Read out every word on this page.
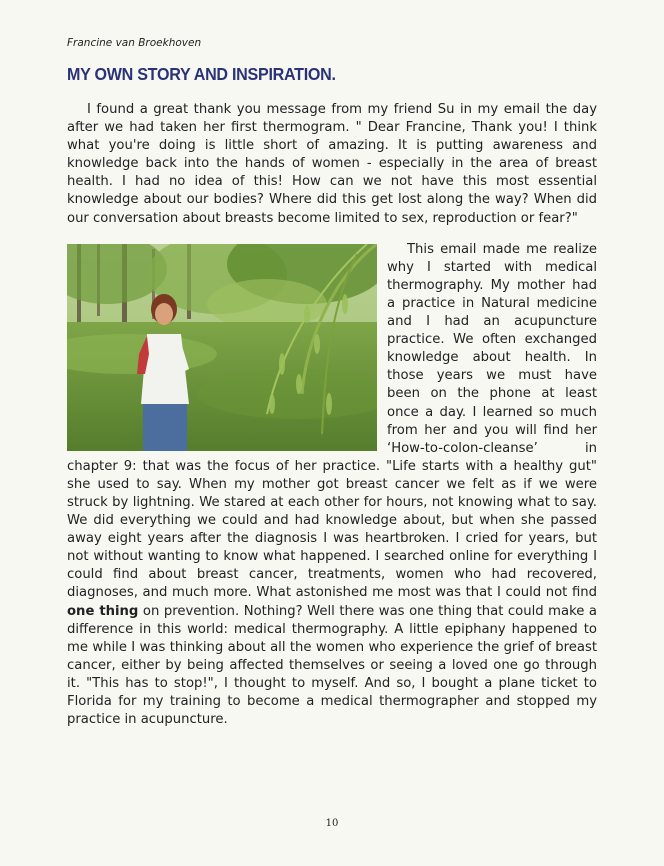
Francine van Broekhoven
MY OWN STORY AND INSPIRATION.

I found a great thank you message from my friend Su in my email the day after we had taken her first thermogram. " Dear Francine, Thank you! I think what you're doing is little short of amazing. It is putting awareness and knowledge back into the hands of women - especially in the area of breast health. I had no idea of this! How can we not have this most essential knowledge about our bodies? Where did this get lost along the way? When did our conversation about breasts become limited to sex, reproduction or fear?"

This email made me realize why I started with medical thermography. My mother had a practice in Natural medicine and I had an acupuncture practice. We often exchanged knowledge about health. In those years we must have been on the phone at least once a day. I learned so much from her and you will find her ‘How-to-colon-cleanse’ in chapter 9: that was the focus of her practice. "Life starts with a healthy gut" she used to say. When my mother got breast cancer we felt as if we were struck by lightning. We stared at each other for hours, not knowing what to say. We did everything we could and had knowledge about, but when she passed away eight years after the diagnosis I was heartbroken. I cried for years, but not without wanting to know what happened. I searched online for everything I could find about breast cancer, treatments, women who had recovered, diagnoses, and much more. What astonished me most was that I could not find one thing on prevention. Nothing? Well there was one thing that could make a difference in this world: medical thermography. A little epiphany happened to me while I was thinking about all the women who experience the grief of breast cancer, either by being affected themselves or seeing a loved one go through it. "This has to stop!", I thought to myself. And so, I bought a plane ticket to Florida for my training to become a medical thermographer and stopped my practice in acupuncture.

10
